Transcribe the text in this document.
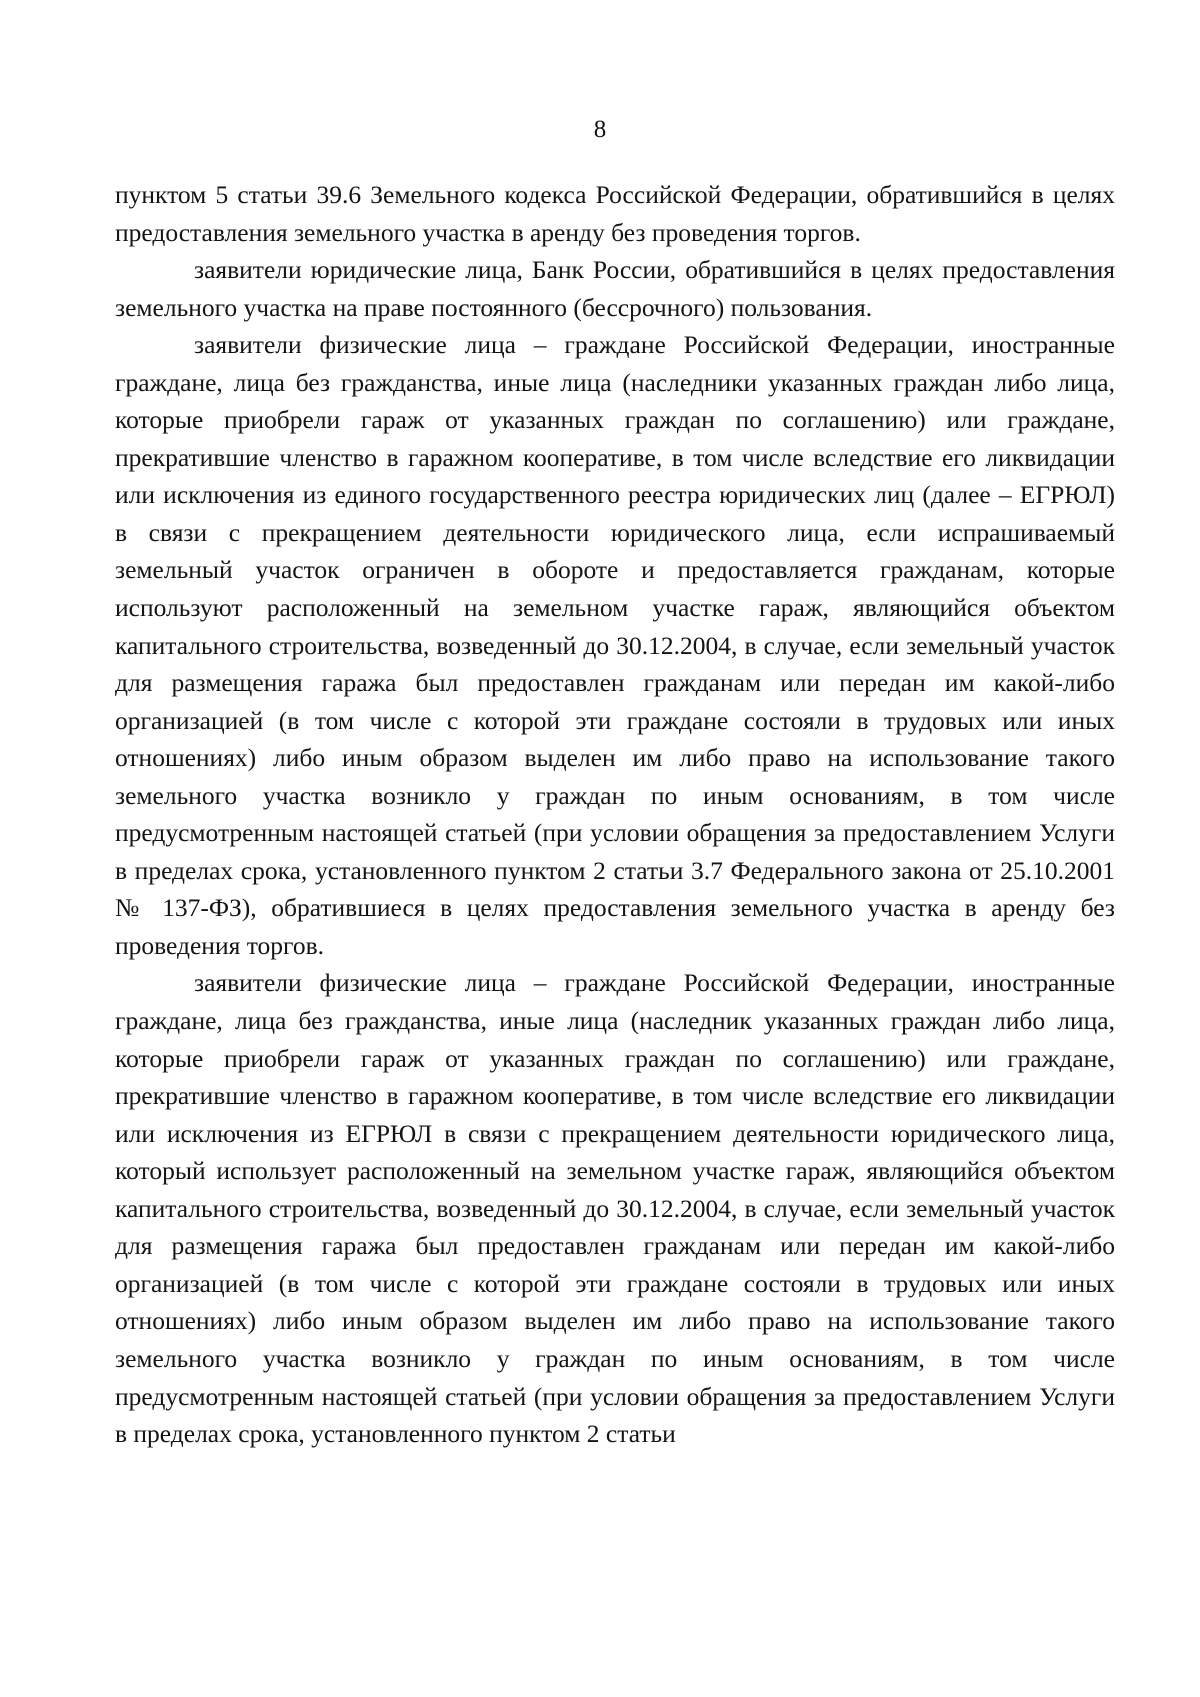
8

пунктом 5 статьи 39.6 Земельного кодекса Российской Федерации, обратившийся в целях предоставления земельного участка в аренду без проведения торгов.

заявители юридические лица, Банк России, обратившийся в целях предоставления земельного участка на праве постоянного (бессрочного) пользования.

заявители физические лица – граждане Российской Федерации, иностранные граждане, лица без гражданства, иные лица (наследники указанных граждан либо лица, которые приобрели гараж от указанных граждан по соглашению) или граждане, прекратившие членство в гаражном кооперативе, в том числе вследствие его ликвидации или исключения из единого государственного реестра юридических лиц (далее – ЕГРЮЛ) в связи с прекращением деятельности юридического лица, если испрашиваемый земельный участок ограничен в обороте и предоставляется гражданам, которые используют расположенный на земельном участке гараж, являющийся объектом капитального строительства, возведенный до 30.12.2004, в случае, если земельный участок для размещения гаража был предоставлен гражданам или передан им какой-либо организацией (в том числе с которой эти граждане состояли в трудовых или иных отношениях) либо иным образом выделен им либо право на использование такого земельного участка возникло у граждан по иным основаниям, в том числе предусмотренным настоящей статьей (при условии обращения за предоставлением Услуги в пределах срока, установленного пунктом 2 статьи 3.7 Федерального закона от 25.10.2001 № 137-ФЗ), обратившиеся в целях предоставления земельного участка в аренду без проведения торгов.

заявители физические лица – граждане Российской Федерации, иностранные граждане, лица без гражданства, иные лица (наследник указанных граждан либо лица, которые приобрели гараж от указанных граждан по соглашению) или граждане, прекратившие членство в гаражном кооперативе, в том числе вследствие его ликвидации или исключения из ЕГРЮЛ в связи с прекращением деятельности юридического лица, который использует расположенный на земельном участке гараж, являющийся объектом капитального строительства, возведенный до 30.12.2004, в случае, если земельный участок для размещения гаража был предоставлен гражданам или передан им какой-либо организацией (в том числе с которой эти граждане состояли в трудовых или иных отношениях) либо иным образом выделен им либо право на использование такого земельного участка возникло у граждан по иным основаниям, в том числе предусмотренным настоящей статьей (при условии обращения за предоставлением Услуги в пределах срока, установленного пунктом 2 статьи
